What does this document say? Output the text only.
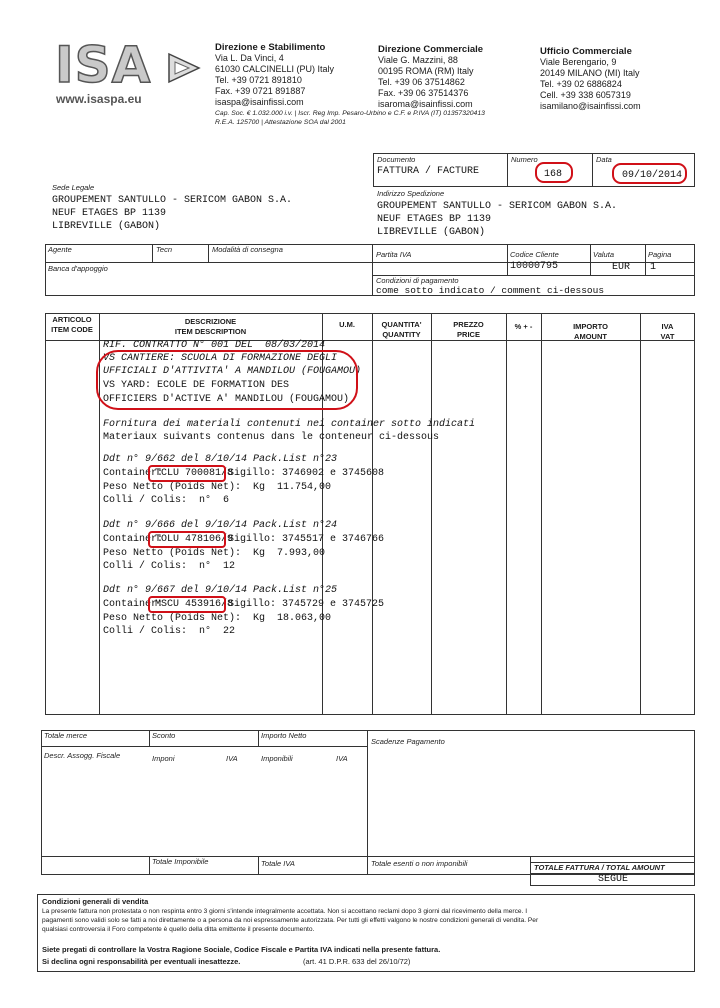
ISA
www.isaspa.eu
Direzione e Stabilimento
Via L. Da Vinci, 4
61030 CALCINELLI (PU) Italy
Tel. +39 0721 891810
Fax. +39 0721 891887
isaspa@isainfissi.com
Direzione Commerciale
Viale G. Mazzini, 88
00195 ROMA (RM) Italy
Tel. +39 06 37514862
Fax. +39 06 37514376
isaroma@isainfissi.com
Ufficio Commerciale
Viale Berengario, 9
20149 MILANO (MI) Italy
Tel. +39 02 6886824
Cell. +39 338 6057319
isamilano@isainfissi.com
Cap. Soc. € 1.032.000 i.v. | Iscr. Reg Imp. Pesaro-Urbino e C.F. e P.IVA (IT) 01357320413
R.E.A. 125700 | Attestazione SOA dal 2001
Documento
FATTURA / FACTURE
Numero
168
Data
09/10/2014
Sede Legale
GROUPEMENT SANTULLO - SERICOM GABON S.A.
NEUF ETAGES BP 1139
LIBREVILLE (GABON)
Indirizzo Spedizione
GROUPEMENT SANTULLO - SERICOM GABON S.A.
NEUF ETAGES BP 1139
LIBREVILLE (GABON)
Agente	Tecn	Modalità di consegna
Partita IVA	Codice Cliente
10000795
Valuta
EUR
Pagina
1
Banca d'appoggio
Condizioni di pagamento
come sotto indicato / comment ci-dessous
ARTICOLO
ITEM CODE
DESCRIZIONE
ITEM DESCRIPTION
U.M.	QUANTITA'
QUANTITY
PREZZO
PRICE
% + -	IMPORTO
AMOUNT
IVA
VAT
RIF. CONTRATTO N° 001 DEL  08/03/2014
VS CANTIERE: SCUOLA DI FORMAZIONE DEGLI
UFFICIALI D'ATTIVITA' A MANDILOU (FOUGAMOU)
VS YARD: ECOLE DE FORMATION DES
OFFICIERS D'ACTIVE A' MANDILOU (FOUGAMOU)
Fornitura dei materiali contenuti nei container sotto indicati
Materiaux suivants contenus dans le conteneur ci-dessous
Ddt n° 9/662 del 8/10/14 Pack.List n°23
Container:
TCLU 700081/8
Sigillo: 3746902 e 3745608
Peso Netto (Poids Net):  Kg  11.754,00
Colli / Colis:  n°  6
Ddt n° 9/666 del 9/10/14 Pack.List n°24
Container:
TOLU 478106/9
Sigillo: 3745517 e 3746766
Peso Netto (Poids Net):  Kg  7.993,00
Colli / Colis:  n°  12
Ddt n° 9/667 del 9/10/14 Pack.List n°25
Container:
MSCU 453916/8
Sigillo: 3745729 e 3745725
Peso Netto (Poids Net):  Kg  18.063,00
Colli / Colis:  n°  22
Totale merce	Sconto	Importo Netto
Scadenze Pagamento
Descr. Assogg. Fiscale	Imponi	IVA	Imponibili	IVA
Totale Imponibile	Totale IVA	Totale esenti o non imponibili	TOTALE FATTURA / TOTAL AMOUNT
SEGUE
Condizioni generali di vendita
La presente fattura non protestata o non respinta entro 3 giorni s'intende integralmente accettata. Non si accettano reclami dopo 3 giorni dal ricevimento della merce. I
pagamenti sono validi solo se fatti a noi direttamente o a persona da noi espressamente autorizzata. Per tutti gli effetti valgono le nostre condizioni generali di vendita. Per
qualsiasi controversia il Foro competente è quello della ditta emittente il presente documento.
Siete pregati di controllare la Vostra Ragione Sociale, Codice Fiscale e Partita IVA indicati nella presente fattura.
Si declina ogni responsabilità per eventuali inesattezze.	(art. 41 D.P.R. 633 del 26/10/72)
